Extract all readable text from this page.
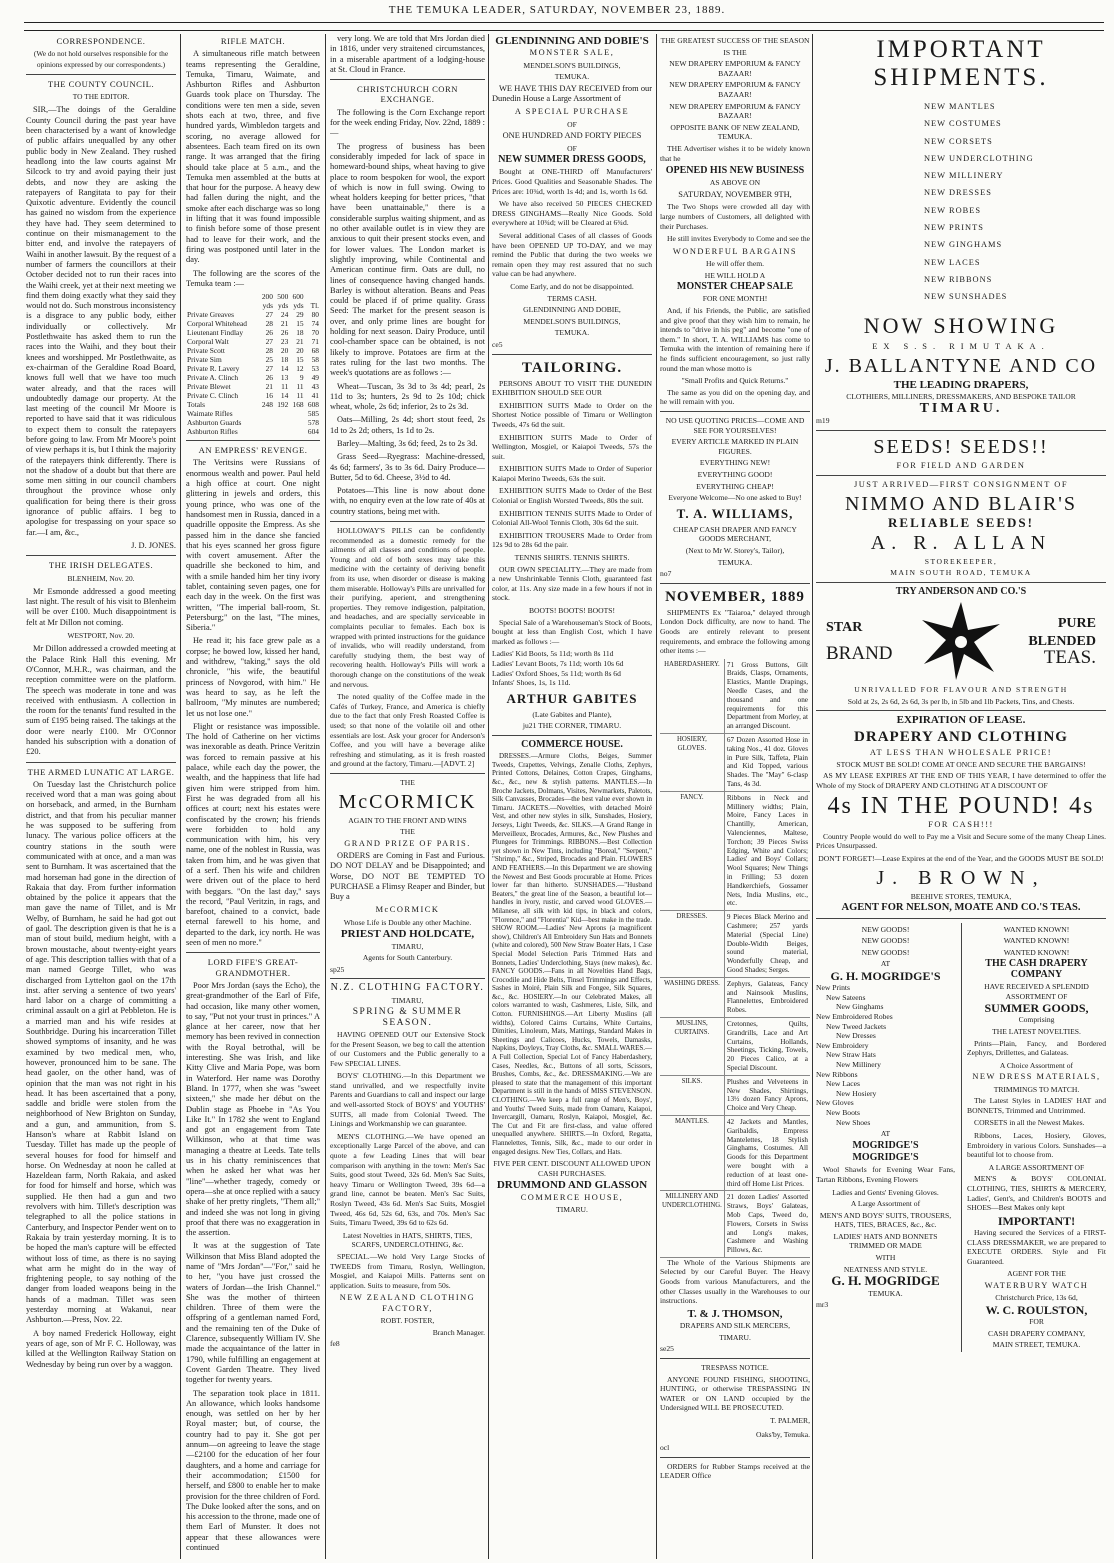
THE TEMUKA LEADER, SATURDAY, NOVEMBER 23, 1889.
CORRESPONDENCE.
(We do not hold ourselves responsible for the opinions expressed by our correspondents.)
THE COUNTY COUNCIL.
TO THE EDITOR.

SIR,—The doings of the Geraldine County Council during the past year have been characterised by a want of knowledge of public affairs unequalled by any other public body in New Zealand. They rushed headlong into the law courts against Mr Silcock to try and avoid paying their just debts, and now they are asking the ratepayers of Rangitata to pay for their Quixotic adventure. Evidently the council has gained no wisdom from the experience they have had. They seem determined to continue on their mismanagement to the bitter end, and involve the ratepayers of Waihi in another lawsuit. By the request of a number of farmers the councillors at their October decided not to run their races into the Waihi creek, yet at their next meeting we find them doing exactly what they said they would not do. Such monstrous inconsistency is a disgrace to any public body, either individually or collectively. Mr Postlethwaite has asked them to run the races into the Waihi, and they bout their knees and worshipped. Mr Postlethwaite, as ex-chairman of the Geraldine Road Board, knows full well that we have too much water already, and that the races will undoubtedly damage our property. At the last meeting of the council Mr Moore is reported to have said that it was ridiculous to expect them to consult the ratepayers before going to law. From Mr Moore's point of view perhaps it is, but I think the majority of the ratepayers think differently. There is not the shadow of a doubt but that there are some men sitting in our council chambers throughout the province whose only qualification for being there is their gross ignorance of public affairs. I beg to apologise for trespassing on your space so far.—I am, &c.,

J. D. JONES.
THE IRISH DELEGATES.
BLENHEIM, Nov. 20.

Mr Esmonde addressed a good meeting last night. The result of his visit to Blenheim will be over £100. Much disappointment is felt at Mr Dillon not coming.

WESTPORT, Nov. 20.

Mr Dillon addressed a crowded meeting at the Palace Rink Hall this evening. Mr O'Connor, M.H.R., was chairman, and the reception committee were on the platform. The speech was moderate in tone and was received with enthusiasm. A collection in the room for the tenants' fund resulted in the sum of £195 being raised. The takings at the door were nearly £100. Mr O'Connor handed his subscription with a donation of £20.

THE ARMED LUNATIC AT LARGE.

On Tuesday last the Christchurch police received word that a man was going about on horseback, and armed, in the Burnham district, and that from his peculiar manner he was supposed to be suffering from lunacy. The various police officers at the country stations in the south were communicated with at once, and a man was sent to Burnham. It was ascertained that the mad horseman had gone in the direction of Rakaia that day. From further information obtained by the police it appears that the man gave the name of Tillet, and is Mr Welby, of Burnham, he said he had got out of gaol. The description given is that he is a man of stout build, medium height, with a brown moustache, about twenty-eight years of age. This description tallies with that of a man named George Tillet, who was discharged from Lyttelton gaol on the 17th inst. after serving a sentence of two years' hard labor on a charge of committing a criminal assault on a girl at Pebbleton. He is a married man and his wife resides at Southbridge. During his incarceration Tillet showed symptoms of insanity, and he was examined by two medical men, who, however, pronounced him to be sane. The head gaoler, on the other hand, was of opinion that the man was not right in his head. It has been ascertained that a pony, saddle and bridle were stolen from the neighborhood of New Brighton on Sunday, and a gun, and ammunition, from S. Hanson's whare at Rabbit Island on Tuesday. Tillet has made up the people of several houses for food for himself and horse. On Wednesday at noon he called at Hazeldean farm, North Rakaia, and asked for food for himself and horse, which was supplied. He then had a gun and two revolvers with him. Tillet's description was telegraphed to all the police stations in Canterbury, and Inspector Pender went on to Rakaia by train yesterday morning. It is to be hoped the man's capture will be effected without loss of time, as there is no saying what arm he might do in the way of frightening people, to say nothing of the danger from loaded weapons being in the hands of a madman. Tillet was seen yesterday morning at Wakanui, near Ashburton.—Press, Nov. 22.

A boy named Frederick Holloway, eight years of age, son of Mr F. C. Holloway, was killed at the Wellington Railway Station on Wednesday by being run over by a waggon.

RIFLE MATCH.

A simultaneous rifle match between teams representing the Geraldine, Temuka, Timaru, Waimate, and Ashburton Rifles and Ashburton Guards took place on Thursday. The conditions were ten men a side, seven shots each at two, three, and five hundred yards, Wimbledon targets and scoring, no average allowed for absentees. Each team fired on its own range. It was arranged that the firing should take place at 5 a.m., and the Temuka men assembled at the butts at that hour for the purpose. A heavy dew had fallen during the night, and the smoke after each discharge was so long in lifting that it was found impossible to finish before some of those present had to leave for their work, and the firing was postponed until later in the day.

The following are the scores of the Temuka team :—

	200	500	600	
	yds	yds	yds	Tl.
Private Greaves	27	24	29	80
Corporal Whitehead	28	21	15	74
Lieutenant Findlay	26	26	18	70
Corporal Walt	27	23	21	71
Private Scott	28	20	20	68
Private Sim	25	18	15	58
Private R. Lavery	27	14	12	53
Private A. Clinch	26	13	9	49
Private Blewet	21	11	11	43
Private C. Clinch	16	14	11	41
Totals	248	192	168	608
Waimate Rifles				585
Ashburton Guards				578
Ashburton Rifles				604
AN EMPRESS' REVENGE.

The Veritsins were Russians of enormous wealth and power. Paul held a high office at court. One night glittering in jewels and orders, this young prince, who was one of the handsomest men in Russia, danced in a quadrille opposite the Empress. As she passed him in the dance she fancied that his eyes scanned her gross figure with covert amusement. After the quadrille she beckoned to him, and with a smile handed him her tiny ivory tablet, containing seven pages, one for each day in the week. On the first was written, "The imperial ball-room, St. Petersburg;" on the last, "The mines, Siberia."

He read it; his face grew pale as a corpse; he bowed low, kissed her hand, and withdrew, "taking," says the old chronicle, "his wife, the beautiful princess of Novgorod, with him." He was heard to say, as he left the ballroom, "My minutes are numbered; let us not lose one."

Flight or resistance was impossible. The hold of Catherine on her victims was inexorable as death. Prince Veritzin was forced to remain passive at his palace, while each day the power, the wealth, and the happiness that life had given him were stripped from him. First he was degraded from all his offices at court; next his estates were confiscated by the crown; his friends were forbidden to hold any communication with him, his very name, one of the noblest in Russia, was taken from him, and he was given that of a serf. Then his wife and children were driven out of the place to herd with beggars. "On the last day," says the record, "Paul Veritzin, in rags, and barefoot, chained to a convict, bade eternal farewell to his home, and departed to the dark, icy north. He was seen of men no more."

LORD FIFE'S GREAT-GRANDMOTHER.

Poor Mrs Jordan (says the Echo), the great-grandmother of the Earl of Fife, had occasion, like many other women, to say, "Put not your trust in princes." A glance at her career, now that her memory has been revived in connection with the Royal betrothal, will be interesting. She was Irish, and like Kitty Clive and Maria Pope, was born in Waterford. Her name was Dorothy Bland. In 1777, when she was "sweet sixteen," she made her début on the Dublin stage as Phoebe in "As You Like It." In 1782 she went to England and got an engagement from Tate Wilkinson, who at that time was managing a theatre at Leeds. Tate tells us in his chatty reminiscences that when he asked her what was her "line"—whether tragedy, comedy or opera—she at once replied with a saucy shake of her pretty ringlets, "Them all;" and indeed she was not long in giving proof that there was no exaggeration in the assertion.

It was at the suggestion of Tate Wilkinson that Miss Bland adopted the name of "Mrs Jordan"—"For," said he to her, "you have just crossed the waters of Jordan—the Irish Channel." She was the mother of thirteen children. Three of them were the offspring of a gentleman named Ford, and the remaining ten of the Duke of Clarence, subsequently William IV. She made the acquaintance of the latter in 1790, while fulfilling an engagement at Covent Garden Theatre. They lived together for twenty years.

The separation took place in 1811. An allowance, which looks handsome enough, was settled on her by her Royal master; but, of course, the country had to pay it. She got per annum—on agreeing to leave the stage—£2100 for the education of her four daughters, and a home and carriage for their accommodation; £1500 for herself, and £800 to enable her to make provision for the three children of Ford. The Duke looked after the sons, and on his accession to the throne, made one of them Earl of Munster. It does not appear that these allowances were continued

very long. We are told that Mrs Jordan died in 1816, under very straitened circumstances, in a miserable apartment of a lodging-house at St. Cloud in France.

CHRISTCHURCH CORN EXCHANGE.

The following is the Corn Exchange report for the week ending Friday, Nov. 22nd, 1889 :—

The progress of business has been considerably impeded for lack of space in homeward-bound ships, wheat having to give place to room bespoken for wool, the export of which is now in full swing. Owing to wheat holders keeping for better prices, "that have been unattainable," there is a considerable surplus waiting shipment, and as no other available outlet is in view they are anxious to quit their present stocks even, and for lower values. The London market is slightly improving, while Continental and American continue firm. Oats are dull, no lines of consequence having changed hands. Barley is without alteration. Beans and Peas could be placed if of prime quality. Grass Seed: The market for the present season is over, and only prime lines are bought for holding for next season. Dairy Produce, until cool-chamber space can be obtained, is not likely to improve. Potatoes are firm at the rates ruling for the last two months. The week's quotations are as follows :—

Wheat—Tuscan, 3s 3d to 3s 4d; pearl, 2s 11d to 3s; hunters, 2s 9d to 2s 10d; chick wheat, whole, 2s 6d; inferior, 2s to 2s 3d.

Oats—Milling, 2s 4d; short stout feed, 2s 1d to 2s 2d; others, 1s 1d to 2s.

Barley—Malting, 3s 6d; feed, 2s to 2s 3d.

Grass Seed—Ryegrass: Machine-dressed, 4s 6d; farmers', 3s to 3s 6d. Dairy Produce—Butter, 5d to 6d. Cheese, 3½d to 4d.

Potatoes—This line is now about done with, no enquiry even at the low rate of 40s at country stations, being met with.

HOLLOWAY'S PILLS can be confidently recommended as a domestic remedy for the ailments of all classes and conditions of people. Young and old of both sexes may take this medicine with the certainty of deriving benefit from its use, when disorder or disease is making them miserable. Holloway's Pills are unrivalled for their purifying, aperient, and strengthening properties. They remove indigestion, palpitation, and headaches, and are specially serviceable in complaints peculiar to females. Each box is wrapped with printed instructions for the guidance of invalids, who will readily understand, from carefully studying them, the best way of recovering health. Holloway's Pills will work a thorough change on the constitutions of the weak and nervous.

The noted quality of the Coffee made in the Cafés of Turkey, France, and America is chiefly due to the fact that only Fresh Roasted Coffee is used; so that none of the volatile oil and other essentials are lost. Ask your grocer for Anderson's Coffee, and you will have a beverage alike refreshing and stimulating, as it is fresh roasted and ground at the factory, Timaru.—[ADVT. 2]

THE
McCORMICK
AGAIN TO THE FRONT AND WINS
THE
GRAND PRIZE OF PARIS.

ORDERS are Coming in Fast and Furious. DO NOT DELAY and be Disappointed; and Worse, DO NOT BE TEMPTED TO PURCHASE a Flimsy Reaper and Binder, but Buy a

McCORMICK
Whose Life is Double any other Machine.
PRIEST AND HOLDCATE,
TIMARU,
Agents for South Canterbury.
sp25
N.Z. CLOTHING FACTORY.
TIMARU,
SPRING & SUMMER SEASON.

HAVING OPENED OUT our Extensive Stock for the Present Season, we beg to call the attention of our Customers and the Public generally to a Few SPECIAL LINES.

BOYS' CLOTHING.—In this Department we stand unrivalled, and we respectfully invite Parents and Guardians to call and inspect our large and well-assorted Stock of BOYS' and YOUTHS' SUITS, all made from Colonial Tweed. The Linings and Workmanship we can guarantee.

MEN'S CLOTHING.—We have opened an exceptionally Large Parcel of the above, and can quote a few Leading Lines that will bear comparison with anything in the town: Men's Sac Suits, good stout Tweed, 32s 6d. Men's Sac Suits, heavy Timaru or Wellington Tweed, 39s 6d—a grand line, cannot be beaten. Men's Sac Suits, Roslyn Tweed, 43s 6d. Men's Sac Suits, Mosgiel Tweed, 46s 6d, 52s 6d, 63s, and 70s. Men's Sac Suits, Timaru Tweed, 39s 6d to 62s 6d.

Latest Novelties in HATS, SHIRTS, TIES, SCARFS, UNDERCLOTHING, &c.

SPECIAL.—We hold Very Large Stocks of TWEEDS from Timaru, Roslyn, Wellington, Mosgiel, and Kaiapoi Mills. Patterns sent on application. Suits to measure, from 50s.

NEW ZEALAND CLOTHING FACTORY,
ROBT. FOSTER,
Branch Manager.
fe8
GLENDINNING AND DOBIE'S
MONSTER SALE,
MENDELSON'S BUILDINGS,
TEMUKA.

WE HAVE THIS DAY RECEIVED from our Dunedin House a Large Assortment of

A SPECIAL PURCHASE
OF
ONE HUNDRED AND FORTY PIECES
OF
NEW SUMMER DRESS GOODS,

Bought at ONE-THIRD off Manufacturers' Prices. Good Qualities and Seasonable Shades. The Prices are: 10¾d, worth 1s 4d; and 1s, worth 1s 6d.

We have also received 50 PIECES CHECKED DRESS GINGHAMS—Really Nice Goods. Sold everywhere at 10¾d; will be Cleared at 6¾d.

Several additional Cases of all classes of Goods have been OPENED UP TO-DAY, and we may remind the Public that during the two weeks we remain open they may rest assured that no such value can be had anywhere.

Come Early, and do not be disappointed.
TERMS CASH.
GLENDINNING AND DOBIE,
MENDELSON'S BUILDINGS,
TEMUKA.
ce5
TAILORING.

PERSONS ABOUT TO VISIT THE DUNEDIN EXHIBITION SHOULD SEE OUR

EXHIBITION SUITS Made to Order on the Shortest Notice possible of Timaru or Wellington Tweeds, 47s 6d the suit.

EXHIBITION SUITS Made to Order of Wellington, Mosgiel, or Kaiapoi Tweeds, 57s the suit.

EXHIBITION SUITS Made to Order of Superior Kaiapoi Merino Tweeds, 63s the suit.

EXHIBITION SUITS Made to Order of the Best Colonial or English Worsted Tweeds, 80s the suit.

EXHIBITION TENNIS SUITS Made to Order of Colonial All-Wool Tennis Cloth, 30s 6d the suit.

EXHIBITION TROUSERS Made to Order from 12s 9d to 28s 6d the pair.

TENNIS SHIRTS. TENNIS SHIRTS.

OUR OWN SPECIALITY.—They are made from a new Unshrinkable Tennis Cloth, guaranteed fast color, at 11s. Any size made in a few hours if not in stock.

BOOTS! BOOTS! BOOTS!

Special Sale of a Warehouseman's Stock of Boots, bought at less than English Cost, which I have marked as follows :—

Ladies' Kid Boots, 5s 11d; worth 8s 11d
Ladies' Levant Boots, 7s 11d; worth 10s 6d
Ladies' Oxford Shoes, 5s 11d; worth 8s 6d
Infants' Shoes, 1s, 1s 11d.
ARTHUR GABITES
(Late Gabites and Plante),
ju21 THE CORNER, TIMARU.
COMMERCE HOUSE.

DRESSES.—Armure Cloths, Beiges, Summer Tweeds, Crapettes, Velvings, Zenalle Cloths, Zephyrs, Printed Cottons, Delaines, Cotton Crapes, Ginghams, &c., &c., new & stylish patterns. MANTLES.—In Broche Jackets, Dolmans, Visites, Newmarkets, Paletots, Silk Canvasses, Brocades—the best value ever shown in Timaru. JACKETS.—Novelties, with detached Moiré Vest, and other new styles in silk, Sunshades, Hosiery, Jerseys, Light Tweeds, &c. SILKS.—A Grand Range in Merveilleux, Brocades, Armures, &c., New Plushes and Plungees for Trimmings. RIBBONS.—Best Collection yet shown in New Tints, including "Boreal," "Serpent," "Shrimp," &c., Striped, Brocades and Plain. FLOWERS AND FEATHERS.—In this Department we are showing the Newest and Best Goods procurable at Home. Prices lower far than hitherto. SUNSHADES.—"Husband Beaters," the great line of the Season, a beautiful lot—handles in ivory, rustic, and carved wood GLOVES.—Milanese, all silk with kid tips, in black and colors, "Florence," and "Florentia" Kid—best make in the trade. SHOW ROOM.—Ladies' New Aprons (a magnificent show), Children's All Embroidery Sun Hats and Bonnets (white and colored), 500 New Straw Boater Hats, 1 Case Special Model Selection Paris Trimmed Hats and Bonnets, Ladies' Underclothing, Stays (new makes), &c. FANCY GOODS.—Fans in all Novelties Hand Bags, Crocodile and Hide Belts, Tinsel Trimmings and Effects, Sashes in Moiré, Plain Silk and Fongee, Silk Squares, &c., &c. HOSIERY.—In our Celebrated Makes, all colors warranted to wash, Cashmeres, Lisle, Silk, and Cotton. FURNISHINGS.—Art Liberty Muslins (all widths), Colored Cairns Curtains, White Curtains, Dimities, Linoleum, Mats, Mattings, Standard Makes in Sheetings and Calicoes, Hucks, Towels, Damasks, Napkins, Doyleys, Tray Cloths, &c. SMALL WARES.—A Full Collection, Special Lot of Fancy Haberdashery, Cases, Needles, &c., Buttons of all sorts, Scissors, Brushes, Combs, &c., &c. DRESSMAKING.—We are pleased to state that the management of this important Department is still in the hands of MISS STEVENSON. CLOTHING.—We keep a full range of Men's, Boys', and Youths' Tweed Suits, made from Oamaru, Kaiapoi, Invercargill, Oamaru, Roslyn, Kaiapoi, Mosgiel, &c. The Cut and Fit are first-class, and value offered unequalled anywhere. SHIRTS.—In Oxford, Regatta, Flannelettes, Tennis, Silk, &c., made to our order in engaged designs. New Ties, Collars, and Hats.

FIVE PER CENT. DISCOUNT ALLOWED UPON CASH PURCHASES.
DRUMMOND AND GLASSON
COMMERCE HOUSE,
TIMARU.
THE GREATEST SUCCESS OF THE SEASON
IS THE
NEW DRAPERY EMPORIUM & FANCY BAZAAR!
NEW DRAPERY EMPORIUM & FANCY BAZAAR!
NEW DRAPERY EMPORIUM & FANCY BAZAAR!
OPPOSITE BANK OF NEW ZEALAND, TEMUKA.

THE Advertiser wishes it to be widely known that he

OPENED HIS NEW BUSINESS
AS ABOVE ON
SATURDAY, NOVEMBER 9TH,

The Two Shops were crowded all day with large numbers of Customers, all delighted with their Purchases.

He still invites Everybody to Come and see the

WONDERFUL BARGAINS
He will offer them.
HE WILL HOLD A
MONSTER CHEAP SALE
FOR ONE MONTH!

And, if his Friends, the Public, are satisfied and give proof that they wish him to remain, he intends to "drive in his peg" and become "one of them." In short, T. A. WILLIAMS has come to Temuka with the intention of remaining here if he finds sufficient encouragement, so just rally round the man whose motto is

"Small Profits and Quick Returns."

The same as you did on the opening day, and he will remain with you.

NO USE QUOTING PRICES—COME AND SEE FOR YOURSELVES!
EVERY ARTICLE MARKED IN PLAIN FIGURES.
EVERYTHING NEW!
EVERYTHING GOOD!
EVERYTHING CHEAP!
Everyone Welcome—No one asked to Buy!
T. A. WILLIAMS,
CHEAP CASH DRAPER AND FANCY GOODS MERCHANT,
(Next to Mr W. Storey's, Tailor),
TEMUKA.
no7
NOVEMBER, 1889

SHIPMENTS Ex "Taiaroa," delayed through London Dock difficulty, are now to hand. The Goods are entirely relevant to present requirements, and embrace the following among other items :—

HABERDASHERY.	71 Gross Buttons, Gilt Braids, Clasps, Ornaments, Elastics, Mantle Drapings, Needle Cases, and the thousand and one requirements for this Department from Morley, at an arranged Discount.
HOSIERY, GLOVES.	67 Dozen Assorted Hose in taking Nos., 41 doz. Gloves in Pure Silk, Taffeta, Plain and Kid Topped, various Shades. The "May" 6-clasp Tans, 4s 3d.
FANCY.	Ribbons in Neck and Millinery widths; Plain, Moire, Fancy Laces in Chantilly, American, Valenciennes, Maltese, Torchon; 39 Pieces Swiss Edging, White and Colors; Ladies' and Boys' Collars; Wool Squares; New Things in Frilling; 53 dozen Handkerchiefs, Gossamer Nets, India Muslins, etc., etc.
DRESSES.	9 Pieces Black Merino and Cashmere; 257 yards Material (Special Line) Double-Width Beiges, sound material, Wonderfully Cheap, and Good Shades; Serges.
WASHING DRESS.	Zephyrs, Galateas, Fancy and Nainsook Muslins, Flannelettes, Embroidered Robes.
MUSLINS, CURTAINS.	Cretonnes, Quilts, Grandrills, Lace and Art Curtains, Hollands, Sheetings, Ticking, Towels, 20 Pieces Calico, at a Special Discount.
SILKS.	Plushes and Velveteens in New Shades, Shirtings, 13½ dozen Fancy Aprons, Choice and Very Cheap.
MANTLES.	42 Jackets and Mantles, Garibaldis, Empress Mantelettes, 18 Stylish Ginghams, Costumes. All Goods for this Department were bought with a reduction of at least one-third off Home List Prices.
MILLINERY AND UNDERCLOTHING.	21 dozen Ladies' Assorted Straws, Boys' Galateas, Mob Caps, Tweed do, Flowers, Corsets in Swiss and Long's makes, Cashmere and Washing Pillows, &c.

The Whole of the Various Shipments are Selected by our Careful Buyer. The Heavy Goods from various Manufacturers, and the other Classes usually in the Warehouses to our instructions.

T. & J. THOMSON,
DRAPERS AND SILK MERCERS,
TIMARU.
se25
TRESPASS NOTICE.

ANYONE FOUND FISHING, SHOOTING, HUNTING, or otherwise TRESPASSING IN WATER or ON LAND occupied by the Undersigned WILL BE PROSECUTED.

T. PALMER,
Oaks'by, Temuka.
ocl

ORDERS for Rubber Stamps received at the LEADER Office

IMPORTANT SHIPMENTS.
NEW MANTLES
NEW COSTUMES
NEW CORSETS
NEW UNDERCLOTHING
NEW MILLINERY
NEW DRESSES
NEW ROBES
NEW PRINTS
NEW GINGHAMS
NEW LACES
NEW RIBBONS
NEW SUNSHADES
NOW SHOWING
EX S.S. RIMUTAKA.
J. BALLANTYNE AND CO
THE LEADING DRAPERS,
CLOTHIERS, MILLINERS, DRESSMAKERS, AND BESPOKE TAILOR
TIMARU.
m19
SEEDS! SEEDS!!
FOR FIELD AND GARDEN
JUST ARRIVED—FIRST CONSIGNMENT OF
NIMMO AND BLAIR'S
RELIABLE SEEDS!
A. R. ALLAN
STOREKEEPER,
MAIN SOUTH ROAD, TEMUKA
TRY ANDERSON AND CO.'S
STAR
BRAND
PURE
BLENDED
TEAS.
UNRIVALLED FOR FLAVOUR AND STRENGTH
Sold at 2s, 2s 6d, 2s 6d, 3s per lb, in 5lb and 1lb Packets, Tins, and Chests.
EXPIRATION OF LEASE.
DRAPERY AND CLOTHING
AT LESS THAN WHOLESALE PRICE!
STOCK MUST BE SOLD! COME AT ONCE AND SECURE THE BARGAINS!

AS MY LEASE EXPIRES AT THE END OF THIS YEAR, I have determined to offer the Whole of my Stock of DRAPERY AND CLOTHING AT A DISCOUNT OF

4s IN THE POUND! 4s
FOR CASH!!!

Country People would do well to Pay me a Visit and Secure some of the many Cheap Lines. Prices Unsurpassed.

DON'T FORGET!—Lease Expires at the end of the Year, and the GOODS MUST BE SOLD!
J. BROWN,
BEEHIVE STORES, TEMUKA,
AGENT FOR NELSON, MOATE AND CO.'S TEAS.
NEW GOODS!
NEW GOODS!
NEW GOODS!
AT
G. H. MOGRIDGE'S
New Prints
New Sateens
New Ginghams
New Embroidered Robes
New Tweed Jackets
New Dresses
New Embroidery
New Straw Hats
New Millinery
New Ribbons
New Laces
New Hosiery
New Gloves
New Boots
New Shoes
AT
MOGRIDGE'S
MOGRIDGE'S

Wool Shawls for Evening Wear Fans, Tartan Ribbons, Evening Flowers

Ladies and Gents' Evening Gloves.
A Large Assortment of
MEN'S AND BOYS' SUITS, TROUSERS, HATS, TIES, BRACES, &c., &c.
LADIES' HATS AND BONNETS TRIMMED OR MADE
WITH
NEATNESS AND STYLE.
G. H. MOGRIDGE
TEMUKA.
mr3
WANTED KNOWN!
WANTED KNOWN!
WANTED KNOWN!
THE CASH DRAPERY COMPANY
HAVE RECEIVED A SPLENDID ASSORTMENT OF
SUMMER GOODS,
Comprising
THE LATEST NOVELTIES.

Prints—Plain, Fancy, and Bordered Zephyrs, Drillettes, and Galateas.

A Choice Assortment of
NEW DRESS MATERIALS,
TRIMMINGS TO MATCH.

The Latest Styles in LADIES' HAT and BONNETS, Trimmed and Untrimmed.

CORSETS in all the Newest Makes.

Ribbons, Laces, Hosiery, Gloves, Embroidery in various Colors. Sunshades—a beautiful lot to choose from.

A LARGE ASSORTMENT OF

MEN'S & BOYS' COLONIAL CLOTHING, TIES, SHIRTS & MERCERY, Ladies', Gent's, and Children's BOOTS and SHOES—Best Makes only kept

IMPORTANT!

Having secured the Services of a FIRST-CLASS DRESSMAKER, we are prepared to EXECUTE ORDERS. Style and Fit Guaranteed.

AGENT FOR THE
WATERBURY WATCH
Christchurch Price, 13s 6d,
W. C. ROULSTON,
FOR
CASH DRAPERY COMPANY,
MAIN STREET, TEMUKA.
